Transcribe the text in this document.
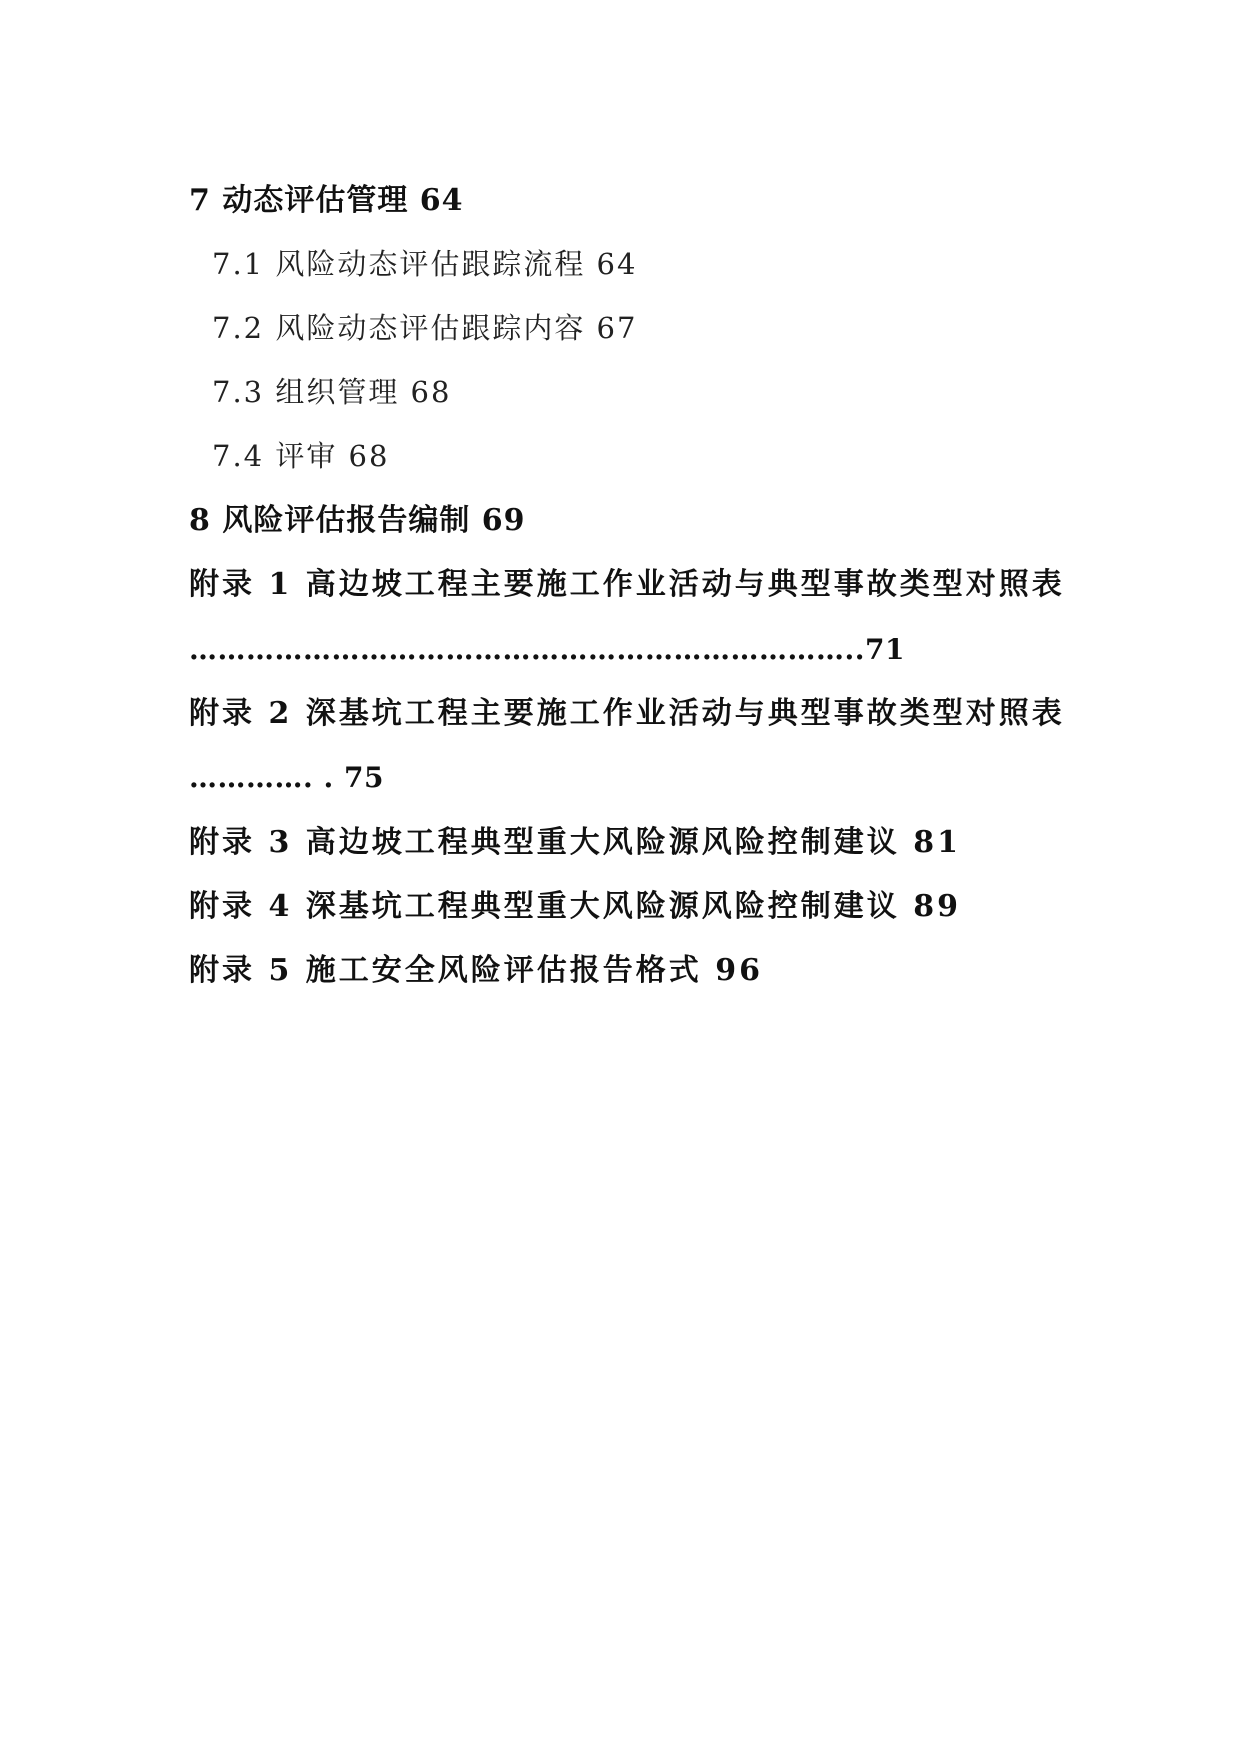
7 动态评估管理 64
7.1 风险动态评估跟踪流程 64
7.2 风险动态评估跟踪内容 67
7.3 组织管理 68
7.4 评审 68
8 风险评估报告编制 69
附录 1 高边坡工程主要施工作业活动与典型事故类型对照表
……………………………………………………………..71
附录 2 深基坑工程主要施工作业活动与典型事故类型对照表
…………. . 75
附录 3 高边坡工程典型重大风险源风险控制建议 81
附录 4 深基坑工程典型重大风险源风险控制建议 89
附录 5 施工安全风险评估报告格式 96
